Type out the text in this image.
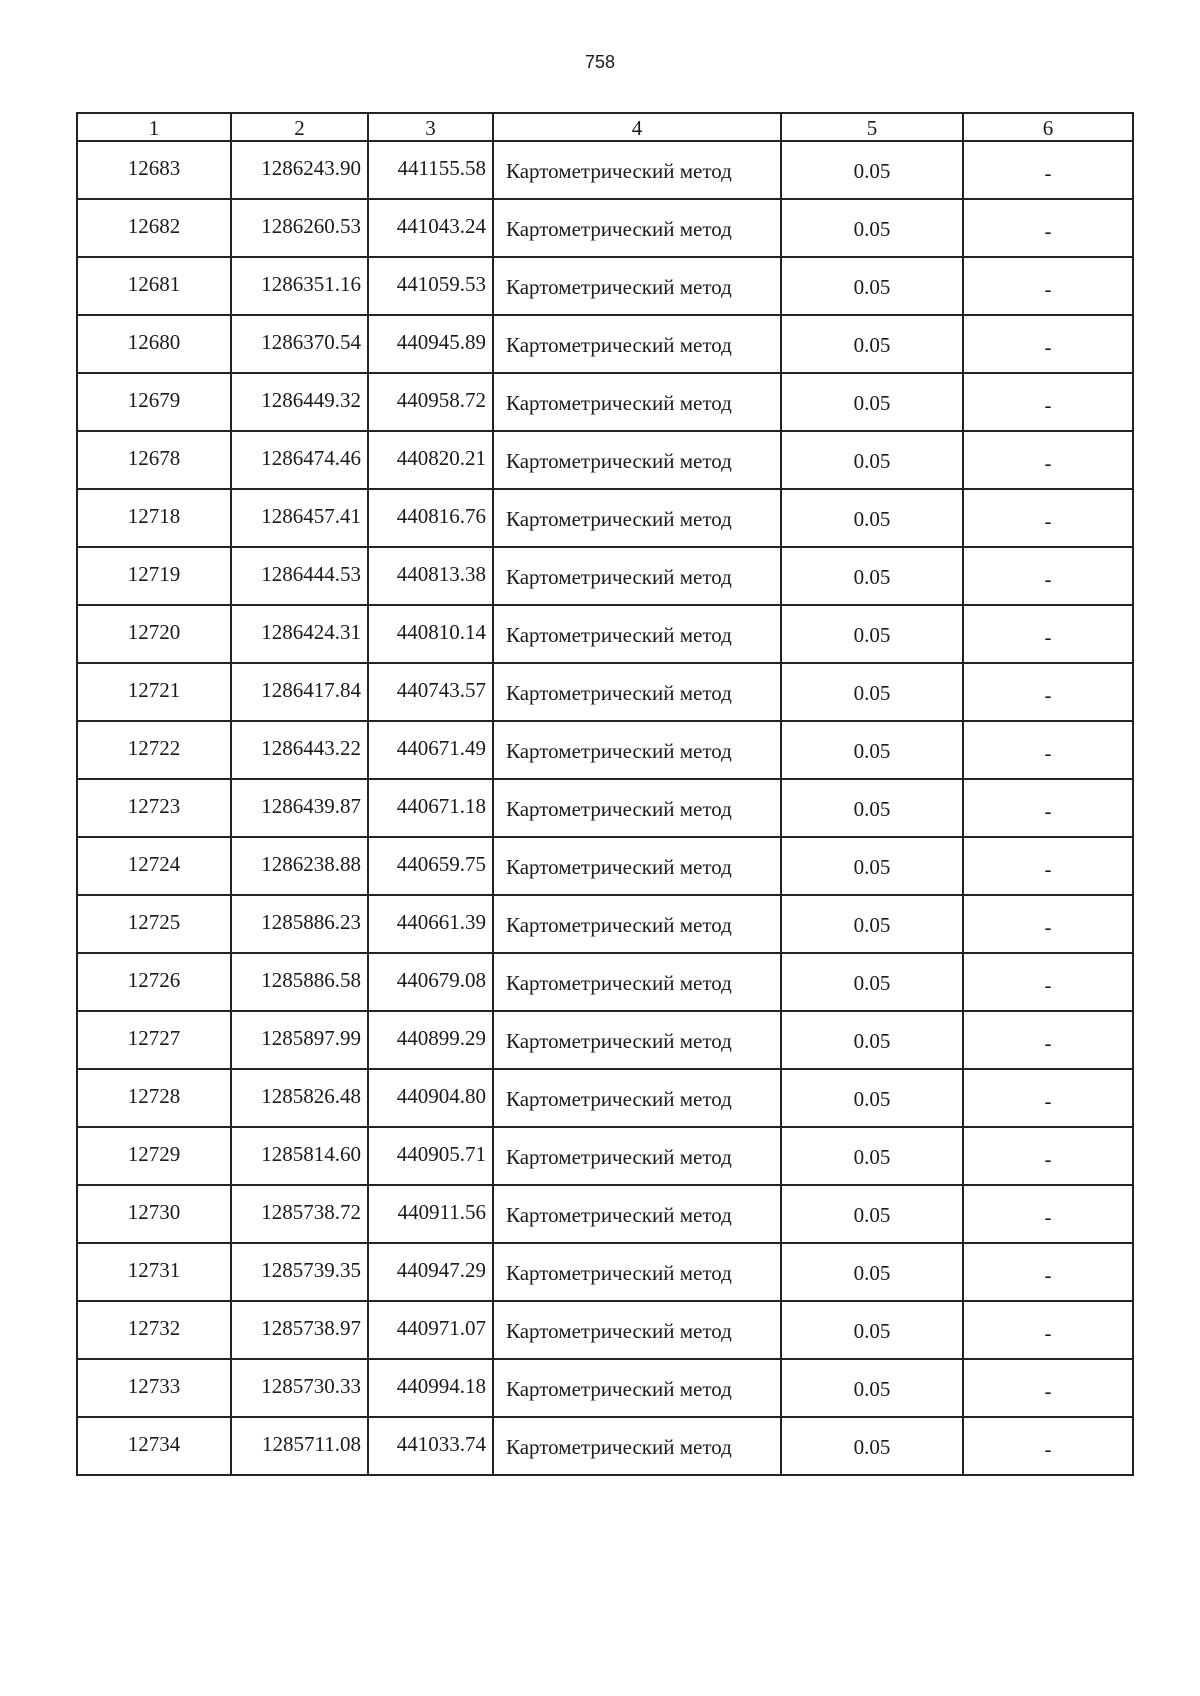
758
1	2	3	4	5	6
12683	1286243.90	441155.58	Картометрический метод	0.05	-
12682	1286260.53	441043.24	Картометрический метод	0.05	-
12681	1286351.16	441059.53	Картометрический метод	0.05	-
12680	1286370.54	440945.89	Картометрический метод	0.05	-
12679	1286449.32	440958.72	Картометрический метод	0.05	-
12678	1286474.46	440820.21	Картометрический метод	0.05	-
12718	1286457.41	440816.76	Картометрический метод	0.05	-
12719	1286444.53	440813.38	Картометрический метод	0.05	-
12720	1286424.31	440810.14	Картометрический метод	0.05	-
12721	1286417.84	440743.57	Картометрический метод	0.05	-
12722	1286443.22	440671.49	Картометрический метод	0.05	-
12723	1286439.87	440671.18	Картометрический метод	0.05	-
12724	1286238.88	440659.75	Картометрический метод	0.05	-
12725	1285886.23	440661.39	Картометрический метод	0.05	-
12726	1285886.58	440679.08	Картометрический метод	0.05	-
12727	1285897.99	440899.29	Картометрический метод	0.05	-
12728	1285826.48	440904.80	Картометрический метод	0.05	-
12729	1285814.60	440905.71	Картометрический метод	0.05	-
12730	1285738.72	440911.56	Картометрический метод	0.05	-
12731	1285739.35	440947.29	Картометрический метод	0.05	-
12732	1285738.97	440971.07	Картометрический метод	0.05	-
12733	1285730.33	440994.18	Картометрический метод	0.05	-
12734	1285711.08	441033.74	Картометрический метод	0.05	-
